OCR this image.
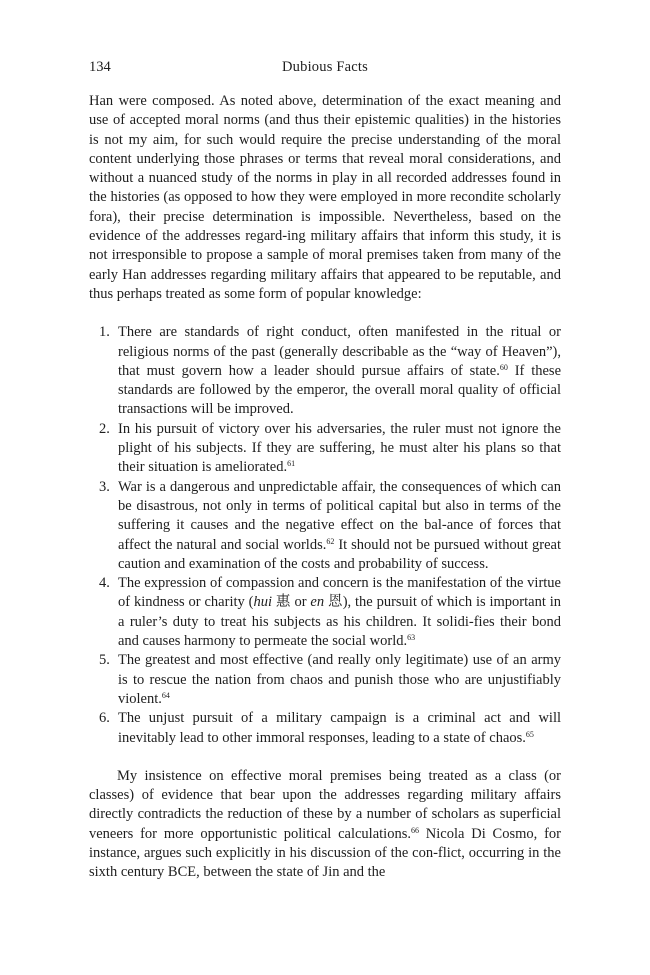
134	Dubious Facts

Han were composed. As noted above, determination of the exact meaning and use of accepted moral norms (and thus their epistemic qualities) in the histories is not my aim, for such would require the precise understanding of the moral content underlying those phrases or terms that reveal moral considerations, and without a nuanced study of the norms in play in all recorded addresses found in the histories (as opposed to how they were employed in more recondite scholarly fora), their precise determination is impossible. Nevertheless, based on the evidence of the addresses regard-ing military affairs that inform this study, it is not irresponsible to propose a sample of moral premises taken from many of the early Han addresses regarding military affairs that appeared to be reputable, and thus perhaps treated as some form of popular knowledge:

1. There are standards of right conduct, often manifested in the ritual or religious norms of the past (generally describable as the “way of Heaven”), that must govern how a leader should pursue affairs of state.$^{60}$ If these standards are followed by the emperor, the overall moral quality of official transactions will be improved.
2. In his pursuit of victory over his adversaries, the ruler must not ignore the plight of his subjects. If they are suffering, he must alter his plans so that their situation is ameliorated.$^{61}$
3. War is a dangerous and unpredictable affair, the consequences of which can be disastrous, not only in terms of political capital but also in terms of the suffering it causes and the negative effect on the bal-ance of forces that affect the natural and social worlds.$^{62}$ It should not be pursued without great caution and examination of the costs and probability of success.
4. The expression of compassion and concern is the manifestation of the virtue of kindness or charity (hui 惠 or en 恩), the pursuit of which is important in a ruler’s duty to treat his subjects as his children. It solidi-fies their bond and causes harmony to permeate the social world.$^{63}$
5. The greatest and most effective (and really only legitimate) use of an army is to rescue the nation from chaos and punish those who are unjustifiably violent.$^{64}$
6. The unjust pursuit of a military campaign is a criminal act and will inevitably lead to other immoral responses, leading to a state of chaos.$^{65}$

My insistence on effective moral premises being treated as a class (or classes) of evidence that bear upon the addresses regarding military affairs directly contradicts the reduction of these by a number of scholars as superficial veneers for more opportunistic political calculations.$^{66}$ Nicola Di Cosmo, for instance, argues such explicitly in his discussion of the con-flict, occurring in the sixth century BCE, between the state of Jin and the
